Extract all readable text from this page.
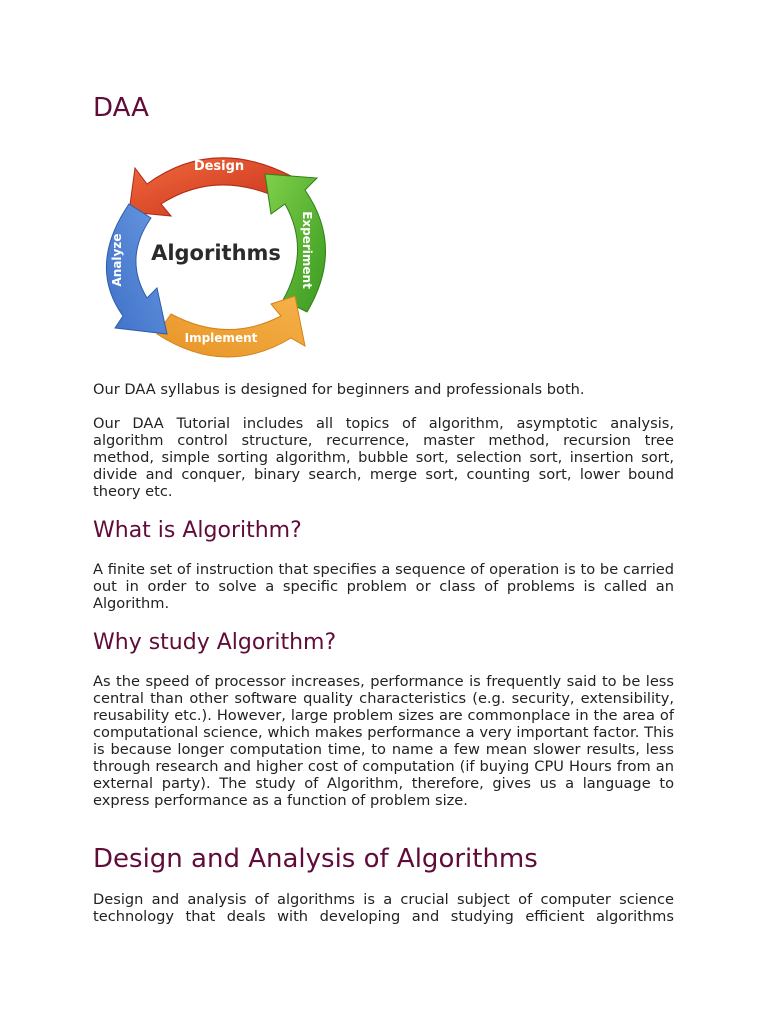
DAA
Design
Experiment
Implement
Analyze Algorithms

Our DAA syllabus is designed for beginners and professionals both.

Our DAA Tutorial includes all topics of algorithm, asymptotic analysis, algorithm control structure, recurrence, master method, recursion tree method, simple sorting algorithm, bubble sort, selection sort, insertion sort, divide and conquer, binary search, merge sort, counting sort, lower bound theory etc.

What is Algorithm?

A finite set of instruction that specifies a sequence of operation is to be carried out in order to solve a specific problem or class of problems is called an Algorithm.

Why study Algorithm?

As the speed of processor increases, performance is frequently said to be less central than other software quality characteristics (e.g. security, extensibility, reusability etc.). However, large problem sizes are commonplace in the area of computational science, which makes performance a very important factor. This is because longer computation time, to name a few mean slower results, less through research and higher cost of computation (if buying CPU Hours from an external party). The study of Algorithm, therefore, gives us a language to express performance as a function of problem size.

Design and Analysis of Algorithms

Design and analysis of algorithms is a crucial subject of computer science technology that deals with developing and studying efficient algorithms
